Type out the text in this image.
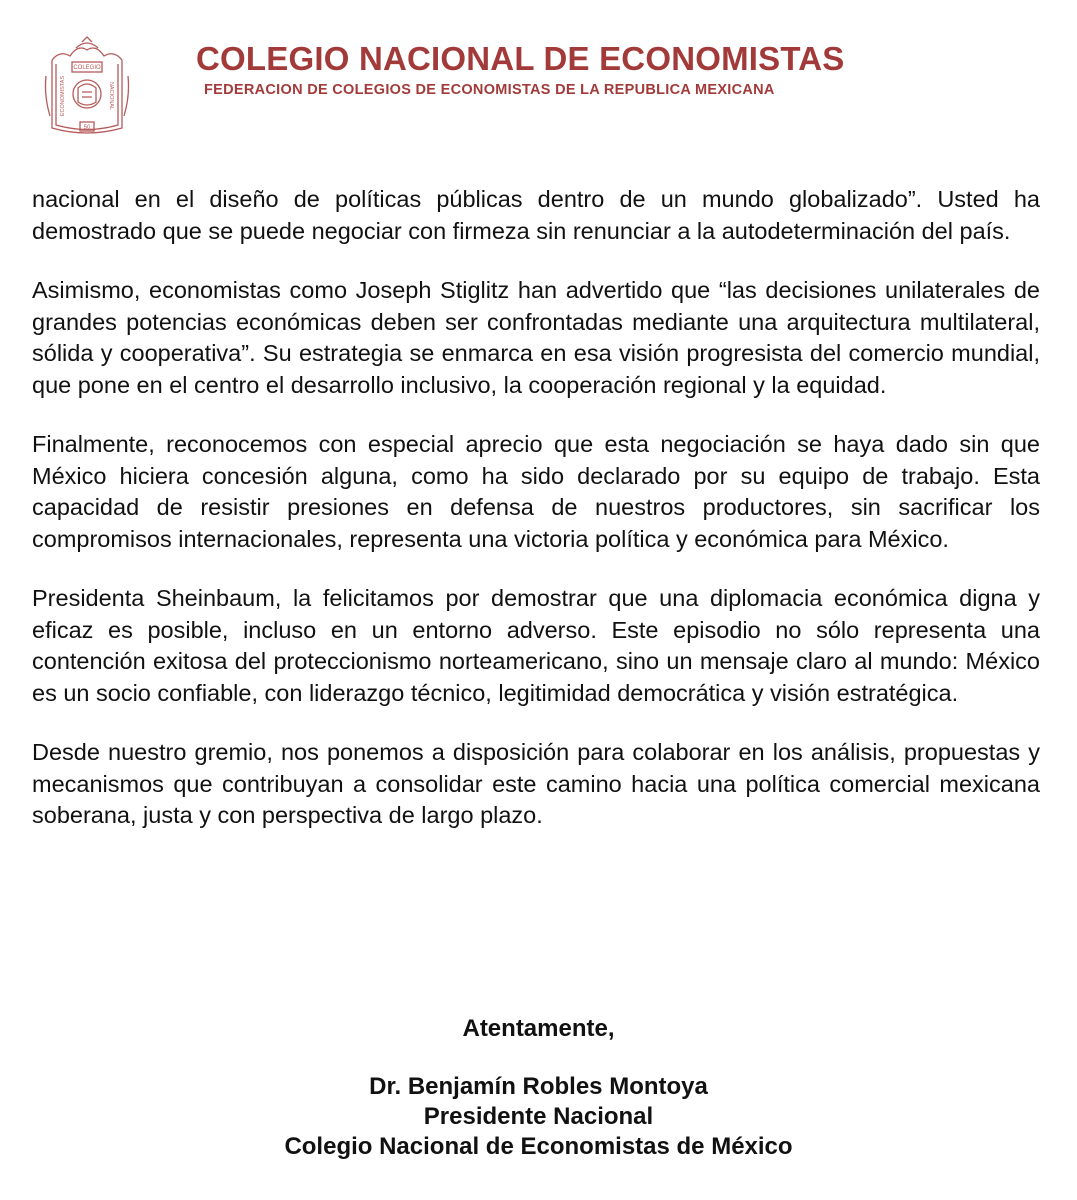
COLEGIO
ECONOMISTAS	NACIONAL
50
COLEGIO NACIONAL DE ECONOMISTAS
FEDERACION DE COLEGIOS DE ECONOMISTAS DE LA REPUBLICA MEXICANA

nacional en el diseño de políticas públicas dentro de un mundo globalizado”. Usted ha demostrado que se puede negociar con firmeza sin renunciar a la autodeterminación del país.

Asimismo, economistas como Joseph Stiglitz han advertido que “las decisiones unilaterales de grandes potencias económicas deben ser confrontadas mediante una arquitectura multilateral, sólida y cooperativa”. Su estrategia se enmarca en esa visión progresista del comercio mundial, que pone en el centro el desarrollo inclusivo, la cooperación regional y la equidad.

Finalmente, reconocemos con especial aprecio que esta negociación se haya dado sin que México hiciera concesión alguna, como ha sido declarado por su equipo de trabajo. Esta capacidad de resistir presiones en defensa de nuestros productores, sin sacrificar los compromisos internacionales, representa una victoria política y económica para México.

Presidenta Sheinbaum, la felicitamos por demostrar que una diplomacia económica digna y eficaz es posible, incluso en un entorno adverso. Este episodio no sólo representa una contención exitosa del proteccionismo norteamericano, sino un mensaje claro al mundo: México es un socio confiable, con liderazgo técnico, legitimidad democrática y visión estratégica.

Desde nuestro gremio, nos ponemos a disposición para colaborar en los análisis, propuestas y mecanismos que contribuyan a consolidar este camino hacia una política comercial mexicana soberana, justa y con perspectiva de largo plazo.

Atentamente,
Dr. Benjamín Robles Montoya
Presidente Nacional
Colegio Nacional de Economistas de México
